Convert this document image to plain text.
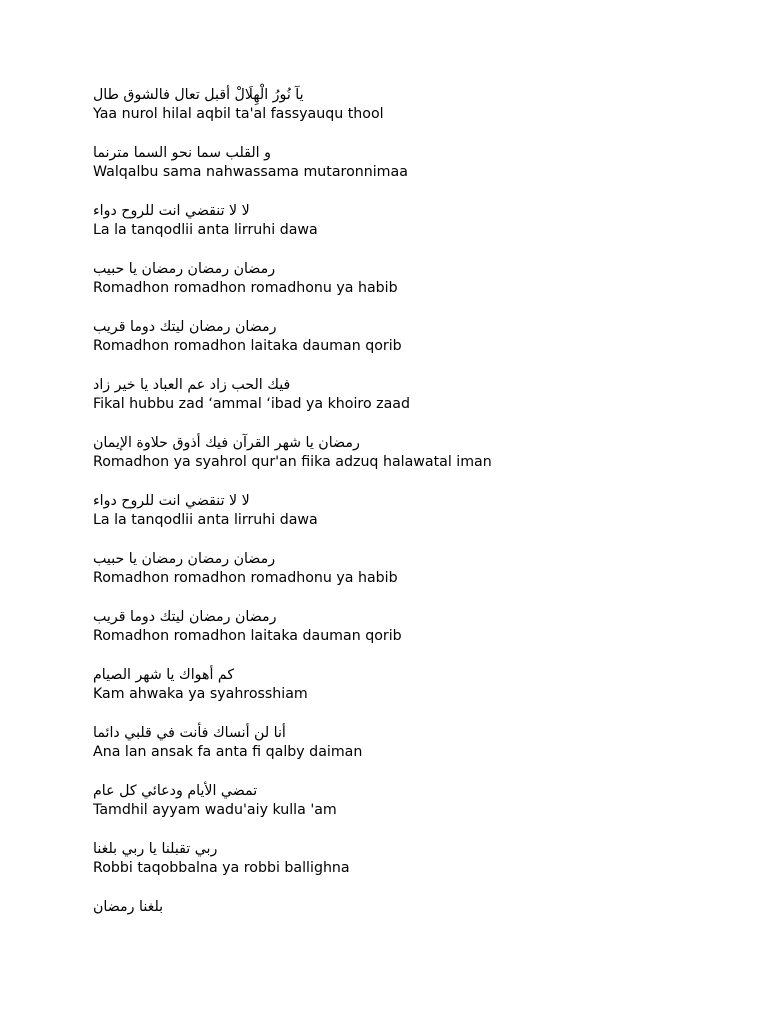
يآ نُورُ الْهِلَالْ أقبل تعال فالشوق طال
Yaa nurol hilal aqbil ta'al fassyauqu thool
و القلب سما نحو السما مترنما
Walqalbu sama nahwassama mutaronnimaa
لا لا تنقضي انت للروح دواء
La la tanqodlii anta lirruhi dawa
رمضان رمضان رمضان يا حبيب
Romadhon romadhon romadhonu ya habib
رمضان رمضان ليتك دوما قريب
Romadhon romadhon laitaka dauman qorib
فيك الحب زاد عم العباد يا خير زاد
Fikal hubbu zad ‘ammal ‘ibad ya khoiro zaad
رمضان يا شهر القرآن فيك أذوق حلاوة الإيمان
Romadhon ya syahrol qur'an fiika adzuq halawatal iman
لا لا تنقضي انت للروح دواء
La la tanqodlii anta lirruhi dawa
رمضان رمضان رمضان يا حبيب
Romadhon romadhon romadhonu ya habib
رمضان رمضان ليتك دوما قريب
Romadhon romadhon laitaka dauman qorib
كم أهواك يا شهر الصيام
Kam ahwaka ya syahrosshiam
أنا لن أنساك فأنت في قلبي دائما
Ana lan ansak fa anta fi qalby daiman
تمضي الأيام ودعائي كل عام
Tamdhil ayyam wadu'aiy kulla 'am
ربي تقبلنا يا ربي بلغنا
Robbi taqobbalna ya robbi ballighna
بلغنا رمضان
